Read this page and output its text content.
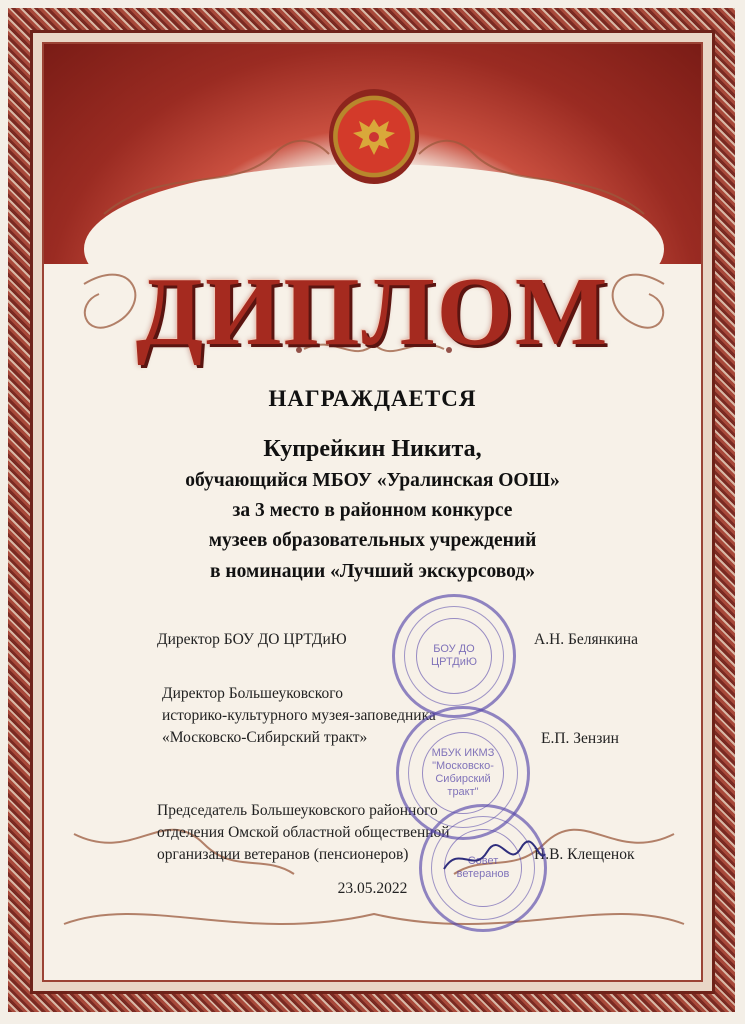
ДИПЛОМ
НАГРАЖДАЕТСЯ
Купрейкин Никита,
обучающийся МБОУ «Уралинская ООШ»
за 3 место в районном конкурсе
музеев образовательных учреждений
в номинации «Лучший экскурсовод»
Директор БОУ ДО ЦРТДиЮ	А.Н. Белянкина
Директор Большеуковского
историко-культурного музея-заповедника
«Московско-Сибирский тракт»	Е.П. Зензин
Председатель Большеуковского районного
отделения Омской областной общественной
организации ветеранов (пенсионеров)	Н.В. Клещенок
БОУ ДО ЦРТДиЮ
МБУК ИКМЗ "Московско-Сибирский тракт"
Совет ветеранов
23.05.2022
